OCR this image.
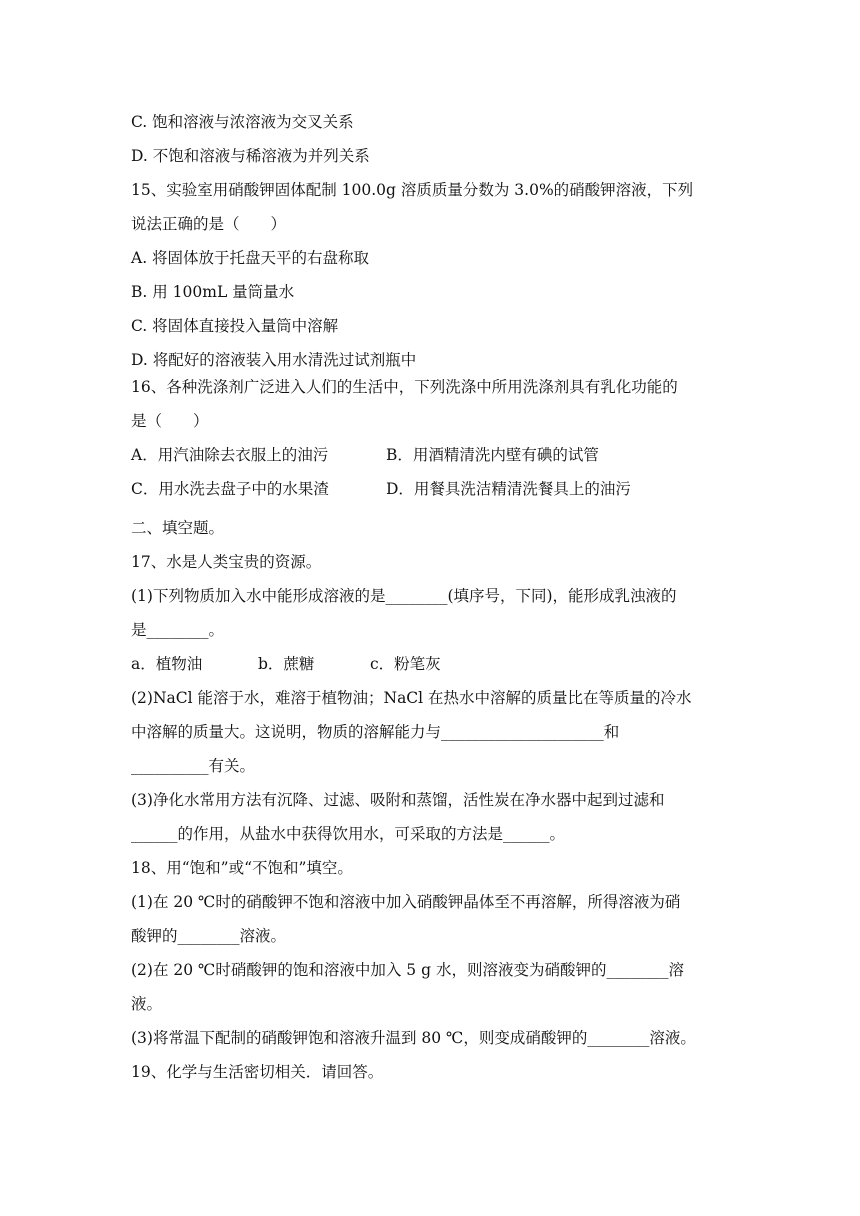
C. 饱和溶液与浓溶液为交叉关系
D. 不饱和溶液与稀溶液为并列关系
15、实验室用硝酸钾固体配制 100.0g 溶质质量分数为 3.0%的硝酸钾溶液，下列
说法正确的是（　　）
A. 将固体放于托盘天平的右盘称取
B. 用 100mL 量筒量水
C. 将固体直接投入量筒中溶解
D. 将配好的溶液装入用水清洗过试剂瓶中
16、各种洗涤剂广泛进入人们的生活中，下列洗涤中所用洗涤剂具有乳化功能的
是（　　）
A．用汽油除去衣服上的油污	B．用酒精清洗内壁有碘的试管
C．用水洗去盘子中的水果渣	D．用餐具洗洁精清洗餐具上的油污
二、填空题。
17、水是人类宝贵的资源。
(1)下列物质加入水中能形成溶液的是________(填序号，下同)，能形成乳浊液的
是________。
a．植物油	b．蔗糖	c．粉笔灰
(2)NaCl 能溶于水，难溶于植物油；NaCl 在热水中溶解的质量比在等质量的冷水
中溶解的质量大。这说明，物质的溶解能力与_____________________和
__________有关。
(3)净化水常用方法有沉降、过滤、吸附和蒸馏，活性炭在净水器中起到过滤和
______的作用，从盐水中获得饮用水，可采取的方法是______。
18、用“饱和”或“不饱和”填空。
(1)在 20 ℃时的硝酸钾不饱和溶液中加入硝酸钾晶体至不再溶解，所得溶液为硝
酸钾的________溶液。
(2)在 20 ℃时硝酸钾的饱和溶液中加入 5 g 水，则溶液变为硝酸钾的________溶
液。
(3)将常温下配制的硝酸钾饱和溶液升温到 80 ℃，则变成硝酸钾的________溶液。
19、化学与生活密切相关．请回答。
